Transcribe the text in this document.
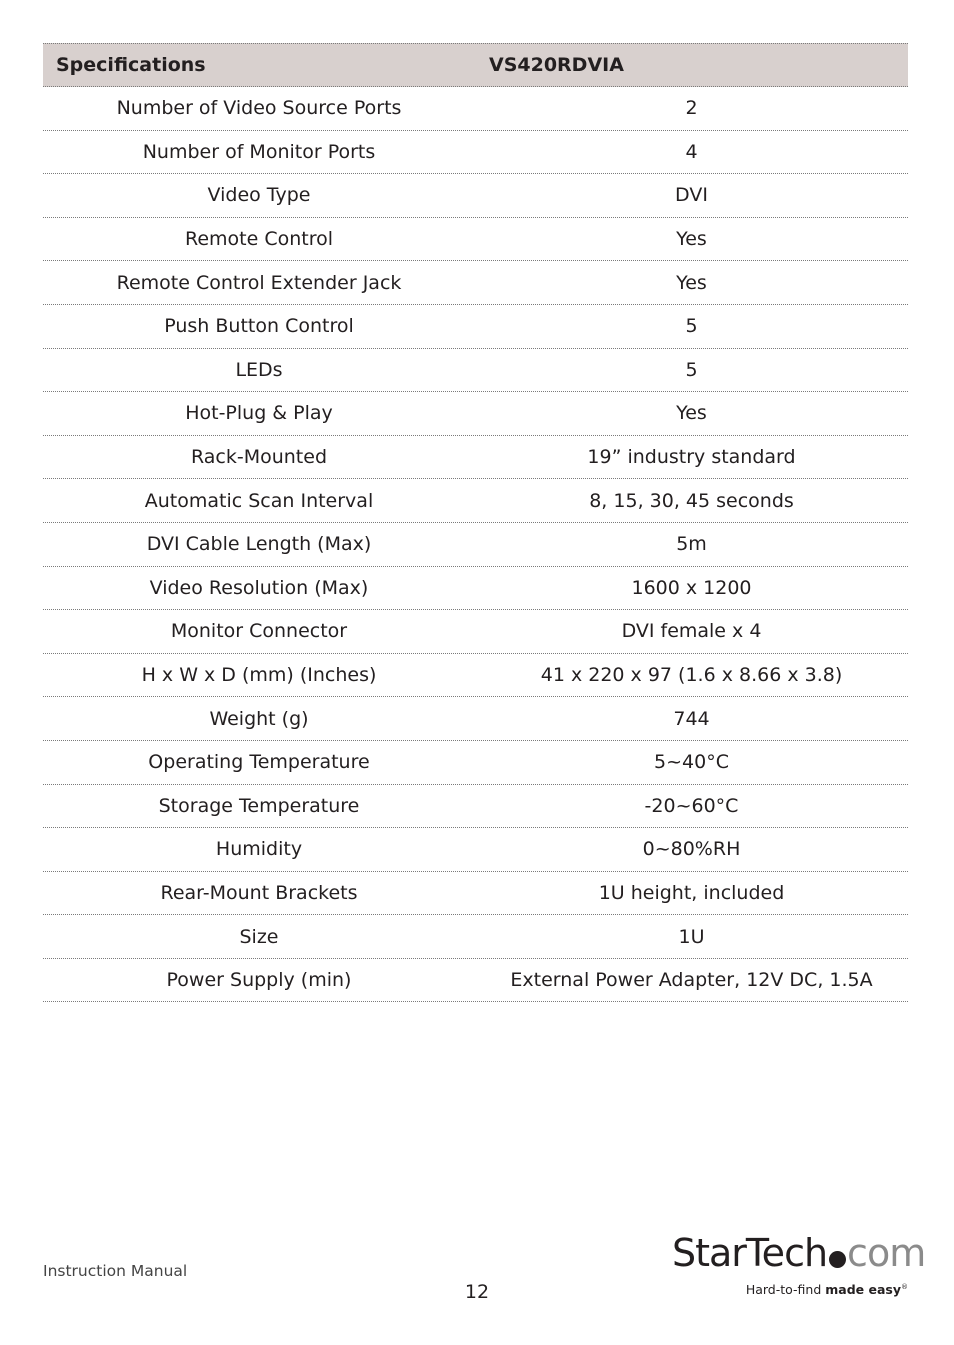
Specifications	VS420RDVIA
Number of Video Source Ports	2
Number of Monitor Ports	4
Video Type	DVI
Remote Control	Yes
Remote Control Extender Jack	Yes
Push Button Control	5
LEDs	5
Hot-Plug & Play	Yes
Rack-Mounted	19” industry standard
Automatic Scan Interval	8, 15, 30, 45 seconds
DVI Cable Length (Max)	5m
Video Resolution (Max)	1600 x 1200
Monitor Connector	DVI female x 4
H x W x D (mm) (Inches)	41 x 220 x 97 (1.6 x 8.66 x 3.8)
Weight (g)	744
Operating Temperature	5~40°C
Storage Temperature	-20~60°C
Humidity	0~80%RH
Rear-Mount Brackets	1U height, included
Size	1U
Power Supply (min)	External Power Adapter, 12V DC, 1.5A
Instruction Manual
12
StarTech com
Hard-to-find made easy®
